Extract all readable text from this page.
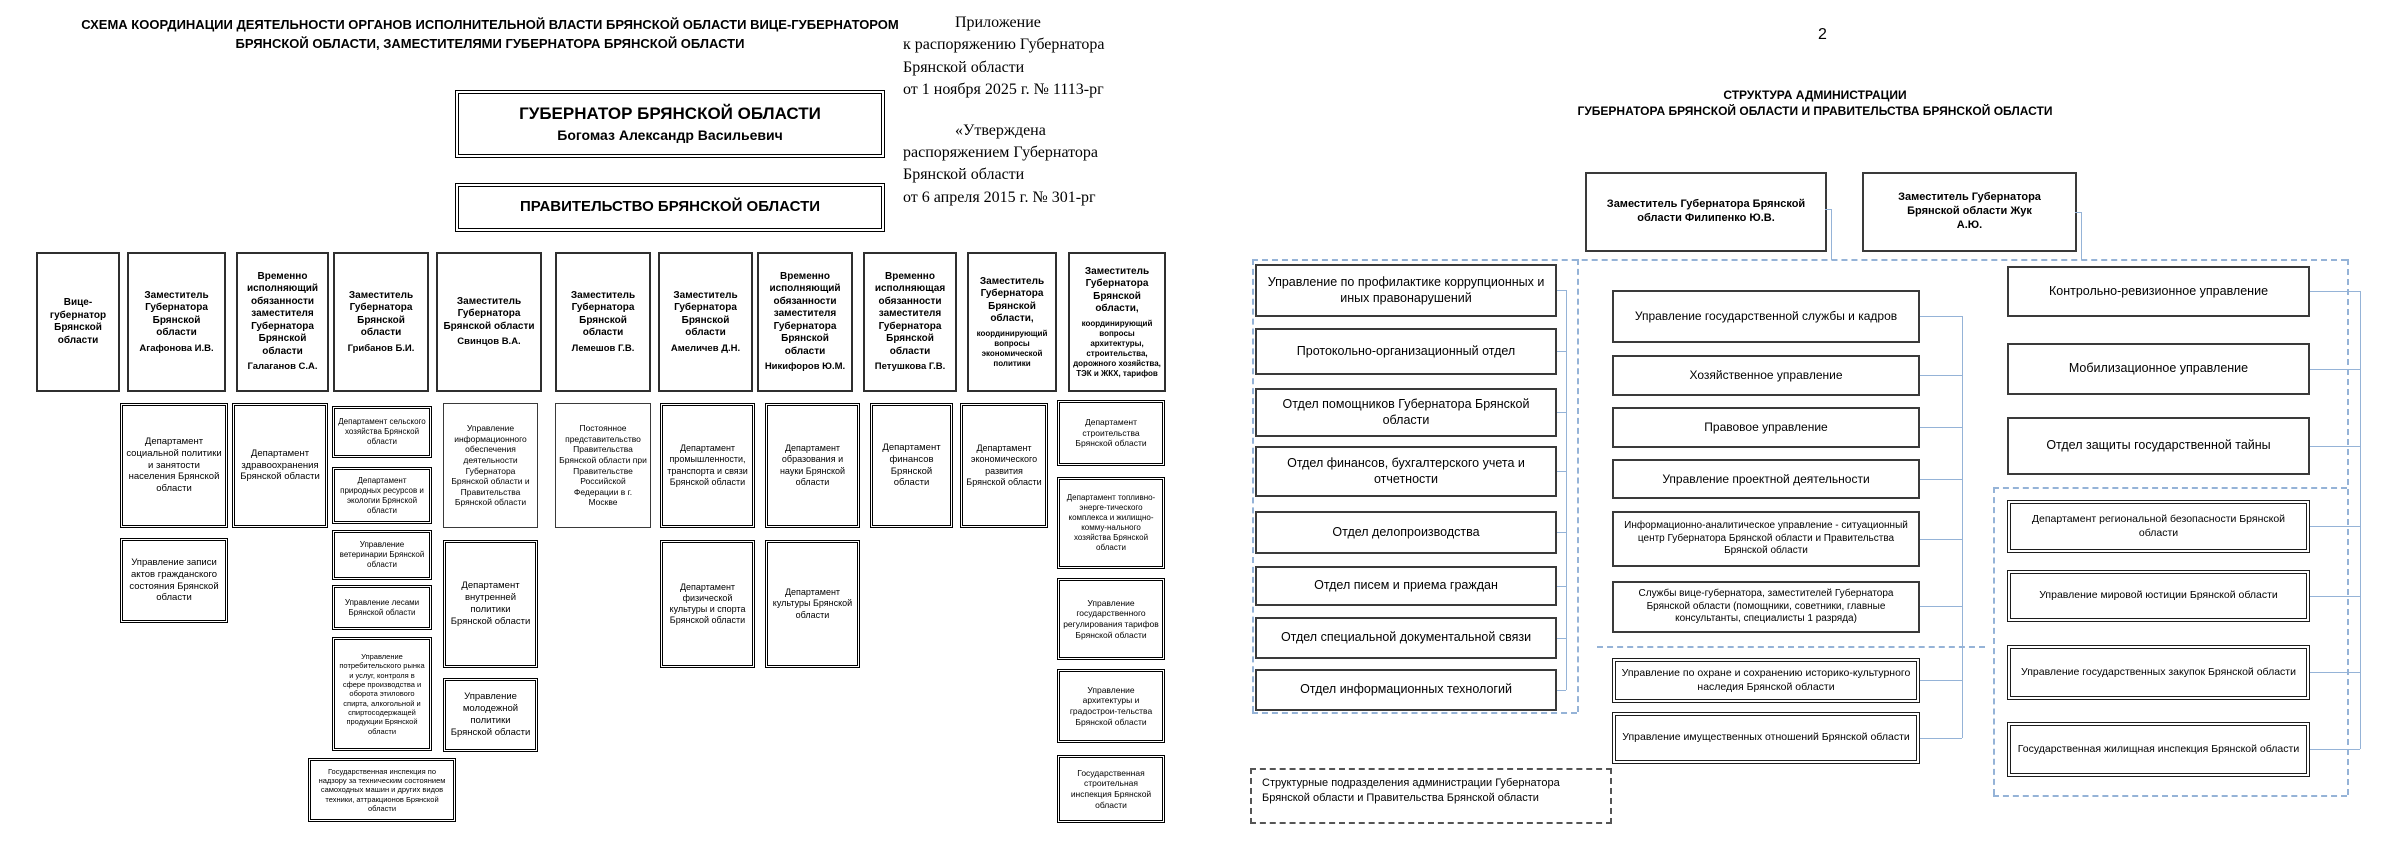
СХЕМА КООРДИНАЦИИ ДЕЯТЕЛЬНОСТИ ОРГАНОВ ИСПОЛНИТЕЛЬНОЙ ВЛАСТИ БРЯНСКОЙ ОБЛАСТИ ВИЦЕ-ГУБЕРНАТОРОМ БРЯНСКОЙ ОБЛАСТИ, ЗАМЕСТИТЕЛЯМИ ГУБЕРНАТОРА БРЯНСКОЙ ОБЛАСТИ
Приложение
к распоряжению Губернатора
Брянской области
от 1 ноября 2025 г. № 1113-рг
«Утверждена
распоряжением Губернатора
Брянской области
от 6 апреля 2015 г. № 301-рг
ГУБЕРНАТОР БРЯНСКОЙ ОБЛАСТИ
Богомаз Александр Васильевич
ПРАВИТЕЛЬСТВО БРЯНСКОЙ ОБЛАСТИ
Вице-губернатор Брянской области
Заместитель Губернатора Брянской области
Агафонова И.В.
Временно исполняющий обязанности заместителя Губернатора Брянской области
Галаганов С.А.
Заместитель Губернатора Брянской области
Грибанов Б.И.
Заместитель Губернатора Брянской области
Свинцов В.А.
Заместитель Губернатора Брянской области
Лемешов Г.В.
Заместитель Губернатора Брянской области
Амеличев Д.Н.
Временно исполняющий обязанности заместителя Губернатора Брянской области
Никифоров Ю.М.
Временно исполняющая обязанности заместителя Губернатора Брянской области
Петушкова Г.В.
Заместитель Губернатора Брянской области,
координирующий вопросы экономической политики
Заместитель Губернатора Брянской области,
координирующий вопросы архитектуры, строительства, дорожного хозяйства, ТЭК и ЖКХ, тарифов
Департамент социальной политики и занятости населения Брянской области
Управление записи актов гражданского состояния Брянской области
Департамент здравоохранения Брянской области
Департамент сельского хозяйства Брянской области
Департамент природных ресурсов и экологии Брянской области
Управление ветеринарии Брянской области
Управление лесами Брянской области
Управление потребительского рынка и услуг, контроля в сфере производства и оборота этилового спирта, алкогольной и спиртосодержащей продукции Брянской области
Государственная инспекция по надзору за техническим состоянием самоходных машин и других видов техники, аттракционов Брянской области
Управление информационного обеспечения деятельности Губернатора Брянской области и Правительства Брянской области
Департамент внутренней политики Брянской области
Управление молодежной политики Брянской области
Постоянное представительство Правительства Брянской области при Правительстве Российской Федерации в г. Москве
Департамент промышленности, транспорта и связи Брянской области
Департамент физической культуры и спорта Брянской области
Департамент образования и науки Брянской области
Департамент культуры Брянской области
Департамент финансов Брянской области
Департамент экономического развития Брянской области
Департамент строительства Брянской области
Департамент топливно-энерге-тического комплекса и жилищно-комму-нального хозяйства Брянской области
Управление государственного регулирования тарифов Брянской области
Управление архитектуры и градострои-тельства Брянской области
Государственная строительная инспекция Брянской области
2
СТРУКТУРА АДМИНИСТРАЦИИ
ГУБЕРНАТОРА БРЯНСКОЙ ОБЛАСТИ И ПРАВИТЕЛЬСТВА БРЯНСКОЙ ОБЛАСТИ
Заместитель Губернатора Брянской области Филипенко Ю.В.
Заместитель Губернатора Брянской области Жук А.Ю.
Управление по профилактике коррупционных и иных правонарушений
Протокольно-организационный отдел
Отдел помощников Губернатора Брянской области
Отдел финансов, бухгалтерского учета и отчетности
Отдел делопроизводства
Отдел писем и приема граждан
Отдел специальной документальной связи
Отдел информационных технологий
Управление государственной службы и кадров
Хозяйственное управление
Правовое управление
Управление проектной деятельности
Информационно-аналитическое управление - ситуационный центр Губернатора Брянской области и Правительства Брянской области
Службы вице-губернатора, заместителей Губернатора Брянской области (помощники, советники, главные консультанты, специалисты 1 разряда)
Управление по охране и сохранению историко-культурного наследия Брянской области
Управление имущественных отношений Брянской области
Контрольно-ревизионное управление
Мобилизационное управление
Отдел защиты государственной тайны
Департамент региональной безопасности Брянской области
Управление мировой юстиции Брянской области
Управление государственных закупок Брянской области
Государственная жилищная инспекция Брянской области
Структурные подразделения администрации Губернатора Брянской области и Правительства Брянской области
